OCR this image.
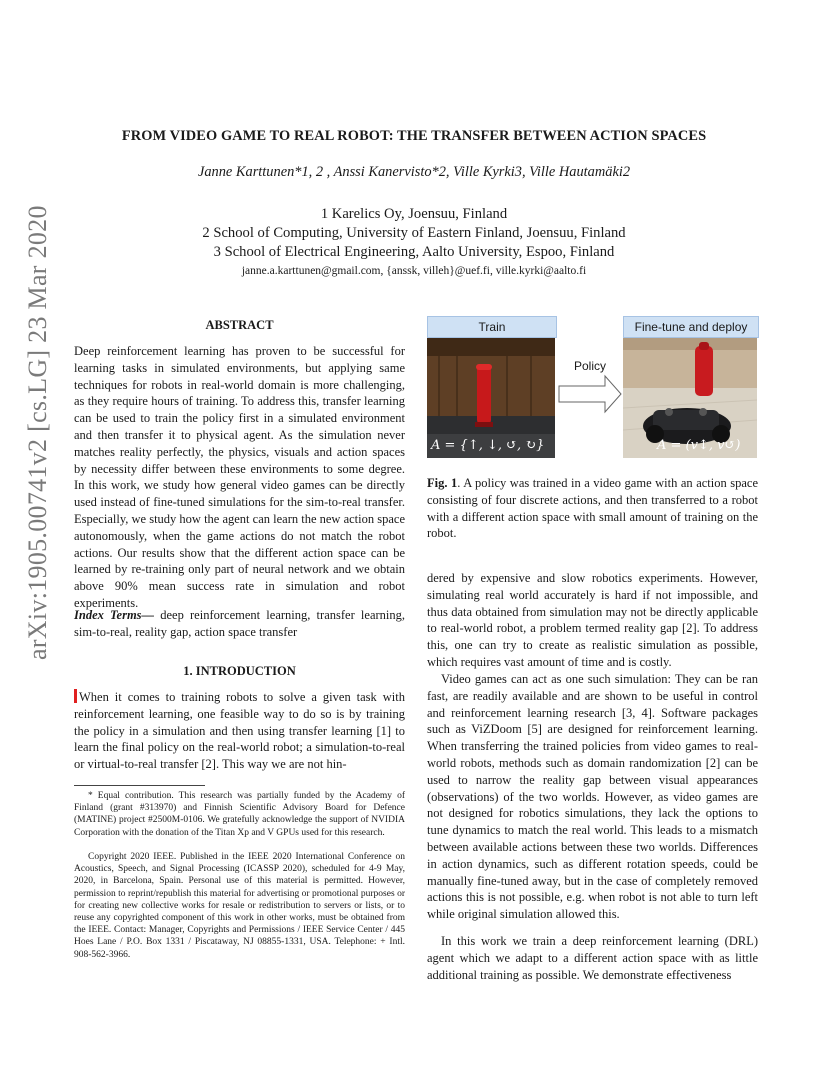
arXiv:1905.00741v2 [cs.LG] 23 Mar 2020
FROM VIDEO GAME TO REAL ROBOT: THE TRANSFER BETWEEN ACTION SPACES
Janne Karttunen*1, 2 , Anssi Kanervisto*2, Ville Kyrki3, Ville Hautamäki2
1 Karelics Oy, Joensuu, Finland
2 School of Computing, University of Eastern Finland, Joensuu, Finland
3 School of Electrical Engineering, Aalto University, Espoo, Finland
janne.a.karttunen@gmail.com, {anssk, villeh}@uef.fi, ville.kyrki@aalto.fi
ABSTRACT
Deep reinforcement learning has proven to be successful for learning tasks in simulated environments, but applying same techniques for robots in real-world domain is more challenging, as they require hours of training. To address this, transfer learning can be used to train the policy first in a simulated environment and then transfer it to physical agent. As the simulation never matches reality perfectly, the physics, visuals and action spaces by necessity differ between these environments to some degree. In this work, we study how general video games can be directly used instead of fine-tuned simulations for the sim-to-real transfer. Especially, we study how the agent can learn the new action space autonomously, when the game actions do not match the robot actions. Our results show that the different action space can be learned by re-training only part of neural network and we obtain above 90% mean success rate in simulation and robot experiments.
Index Terms— deep reinforcement learning, transfer learning, sim-to-real, reality gap, action space transfer
1. INTRODUCTION
When it comes to training robots to solve a given task with reinforcement learning, one feasible way to do so is by training the policy in a simulation and then using transfer learning [1] to learn the final policy on the real-world robot; a simulation-to-real or virtual-to-real transfer [2]. This way we are not hin-
* Equal contribution. This research was partially funded by the Academy of Finland (grant #313970) and Finnish Scientific Advisory Board for Defence (MATINE) project #2500M-0106. We gratefully acknowledge the support of NVIDIA Corporation with the donation of the Titan Xp and V GPUs used for this research.
Copyright 2020 IEEE. Published in the IEEE 2020 International Conference on Acoustics, Speech, and Signal Processing (ICASSP 2020), scheduled for 4-9 May, 2020, in Barcelona, Spain. Personal use of this material is permitted. However, permission to reprint/republish this material for advertising or promotional purposes or for creating new collective works for resale or redistribution to servers or lists, or to reuse any copyrighted component of this work in other works, must be obtained from the IEEE. Contact: Manager, Copyrights and Permissions / IEEE Service Center / 445 Hoes Lane / P.O. Box 1331 / Piscataway, NJ 08855-1331, USA. Telephone: + Intl. 908-562-3966.
Train
A = {↑, ↓, ↺, ↻}
Fine-tune and deploy
A = (v↕, v↺)
Policy
Fig. 1. A policy was trained in a video game with an action space consisting of four discrete actions, and then transferred to a robot with a different action space with small amount of training on the robot.
dered by expensive and slow robotics experiments. However, simulating real world accurately is hard if not impossible, and thus data obtained from simulation may not be directly applicable to real-world robot, a problem termed reality gap [2]. To address this, one can try to create as realistic simulation as possible, which requires vast amount of time and is costly.
Video games can act as one such simulation: They can be ran fast, are readily available and are shown to be useful in control and reinforcement learning research [3, 4]. Software packages such as ViZDoom [5] are designed for reinforcement learning. When transferring the trained policies from video games to real-world robots, methods such as domain randomization [2] can be used to narrow the reality gap between visual appearances (observations) of the two worlds. However, as video games are not designed for robotics simulations, they lack the options to tune dynamics to match the real world. This leads to a mismatch between available actions between these two worlds. Differences in action dynamics, such as different rotation speeds, could be manually fine-tuned away, but in the case of completely removed actions this is not possible, e.g. when robot is not able to turn left while original simulation allowed this.
In this work we train a deep reinforcement learning (DRL) agent which we adapt to a different action space with as little additional training as possible. We demonstrate effectiveness
